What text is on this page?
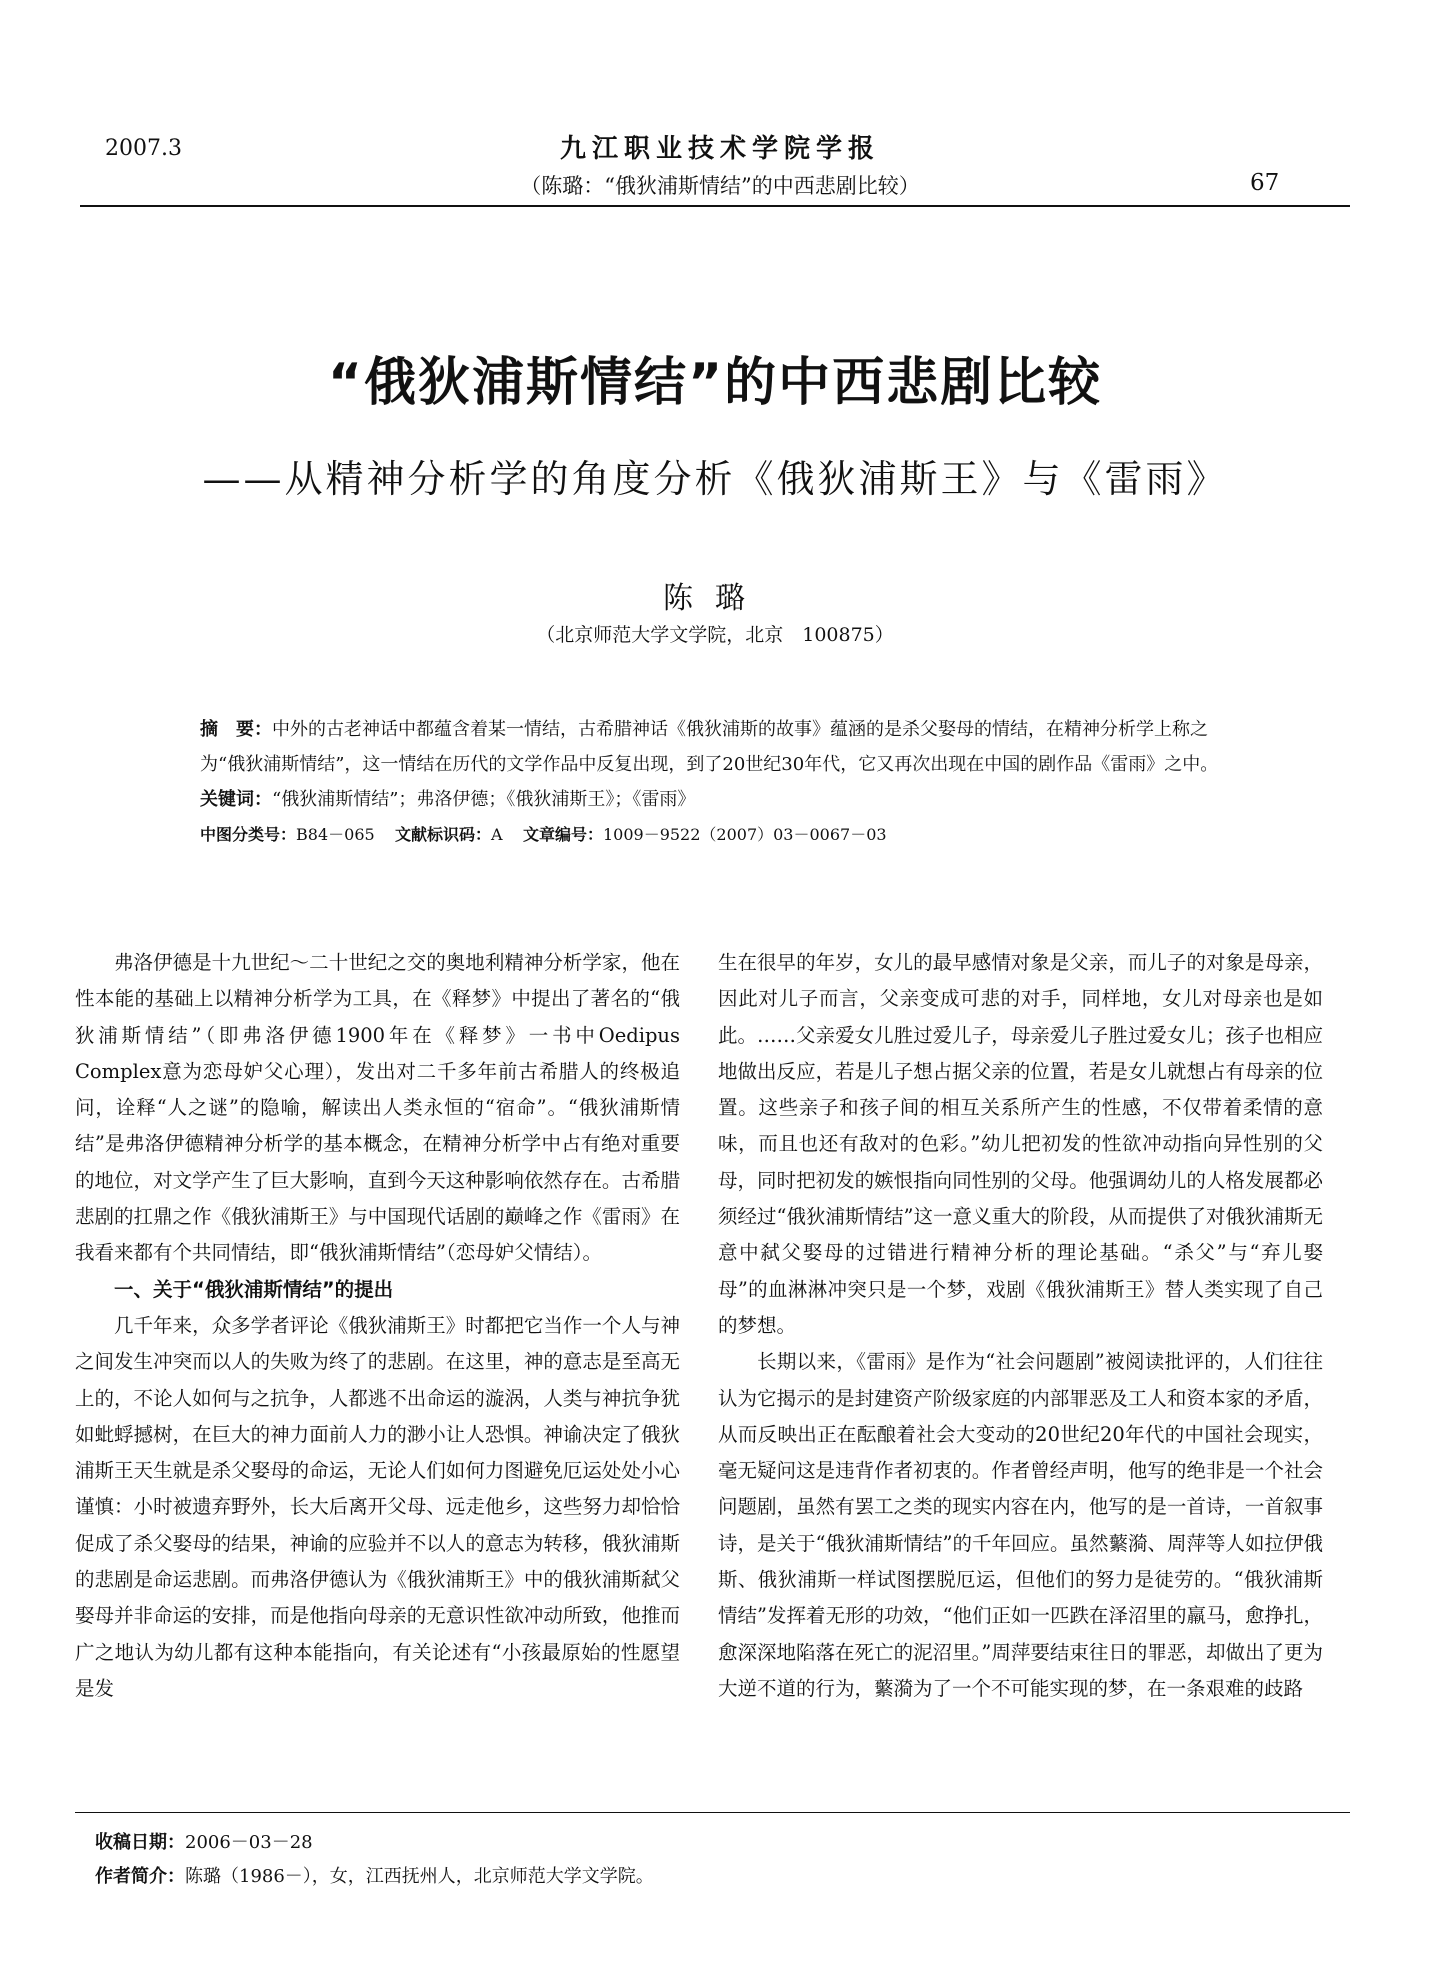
2007.3	九江职业技术学院学报
（陈璐：“俄狄浦斯情结”的中西悲剧比较）	67
“俄狄浦斯情结”的中西悲剧比较
——从精神分析学的角度分析《俄狄浦斯王》与《雷雨》
陈璐
（北京师范大学文学院，北京　100875）

摘　要：中外的古老神话中都蕴含着某一情结，古希腊神话《俄狄浦斯的故事》蕴涵的是杀父娶母的情结，在精神分析学上称之为“俄狄浦斯情结”，这一情结在历代的文学作品中反复出现，到了20世纪30年代，它又再次出现在中国的剧作品《雷雨》之中。

关键词：“俄狄浦斯情结”；弗洛伊德；《俄狄浦斯王》；《雷雨》

中图分类号：B84－065 文献标识码：A 文章编号：1009－9522（2007）03－0067－03

弗洛伊德是十九世纪～二十世纪之交的奥地利精神分析学家，他在性本能的基础上以精神分析学为工具，在《释梦》中提出了著名的“俄狄浦斯情结”（即弗洛伊德1900年在《释梦》一书中Oedipus Complex意为恋母妒父心理），发出对二千多年前古希腊人的终极追问，诠释“人之谜”的隐喻，解读出人类永恒的“宿命”。“俄狄浦斯情结”是弗洛伊德精神分析学的基本概念，在精神分析学中占有绝对重要的地位，对文学产生了巨大影响，直到今天这种影响依然存在。古希腊悲剧的扛鼎之作《俄狄浦斯王》与中国现代话剧的巅峰之作《雷雨》在我看来都有个共同情结，即“俄狄浦斯情结”（恋母妒父情结）。

一、关于“俄狄浦斯情结”的提出

几千年来，众多学者评论《俄狄浦斯王》时都把它当作一个人与神之间发生冲突而以人的失败为终了的悲剧。在这里，神的意志是至高无上的，不论人如何与之抗争，人都逃不出命运的漩涡，人类与神抗争犹如蚍蜉撼树，在巨大的神力面前人力的渺小让人恐惧。神谕决定了俄狄浦斯王天生就是杀父娶母的命运，无论人们如何力图避免厄运处处小心谨慎：小时被遗弃野外，长大后离开父母、远走他乡，这些努力却恰恰促成了杀父娶母的结果，神谕的应验并不以人的意志为转移，俄狄浦斯的悲剧是命运悲剧。而弗洛伊德认为《俄狄浦斯王》中的俄狄浦斯弑父娶母并非命运的安排，而是他指向母亲的无意识性欲冲动所致，他推而广之地认为幼儿都有这种本能指向，有关论述有“小孩最原始的性愿望是发

生在很早的年岁，女儿的最早感情对象是父亲，而儿子的对象是母亲，因此对儿子而言，父亲变成可悲的对手，同样地，女儿对母亲也是如此。……父亲爱女儿胜过爱儿子，母亲爱儿子胜过爱女儿；孩子也相应地做出反应，若是儿子想占据父亲的位置，若是女儿就想占有母亲的位置。这些亲子和孩子间的相互关系所产生的性感，不仅带着柔情的意味，而且也还有敌对的色彩。”幼儿把初发的性欲冲动指向异性别的父母，同时把初发的嫉恨指向同性别的父母。他强调幼儿的人格发展都必须经过“俄狄浦斯情结”这一意义重大的阶段，从而提供了对俄狄浦斯无意中弑父娶母的过错进行精神分析的理论基础。“杀父”与“弃儿娶母”的血淋淋冲突只是一个梦，戏剧《俄狄浦斯王》替人类实现了自己的梦想。

长期以来，《雷雨》是作为“社会问题剧”被阅读批评的，人们往往认为它揭示的是封建资产阶级家庭的内部罪恶及工人和资本家的矛盾，从而反映出正在酝酿着社会大变动的20世纪20年代的中国社会现实，毫无疑问这是违背作者初衷的。作者曾经声明，他写的绝非是一个社会问题剧，虽然有罢工之类的现实内容在内，他写的是一首诗，一首叙事诗，是关于“俄狄浦斯情结”的千年回应。虽然蘩漪、周萍等人如拉伊俄斯、俄狄浦斯一样试图摆脱厄运，但他们的努力是徒劳的。“俄狄浦斯情结”发挥着无形的功效，“他们正如一匹跌在泽沼里的羸马，愈挣扎，愈深深地陷落在死亡的泥沼里。”周萍要结束往日的罪恶，却做出了更为大逆不道的行为，蘩漪为了一个不可能实现的梦，在一条艰难的歧路

收稿日期：2006－03－28
作者简介：陈璐（1986－），女，江西抚州人，北京师范大学文学院。
